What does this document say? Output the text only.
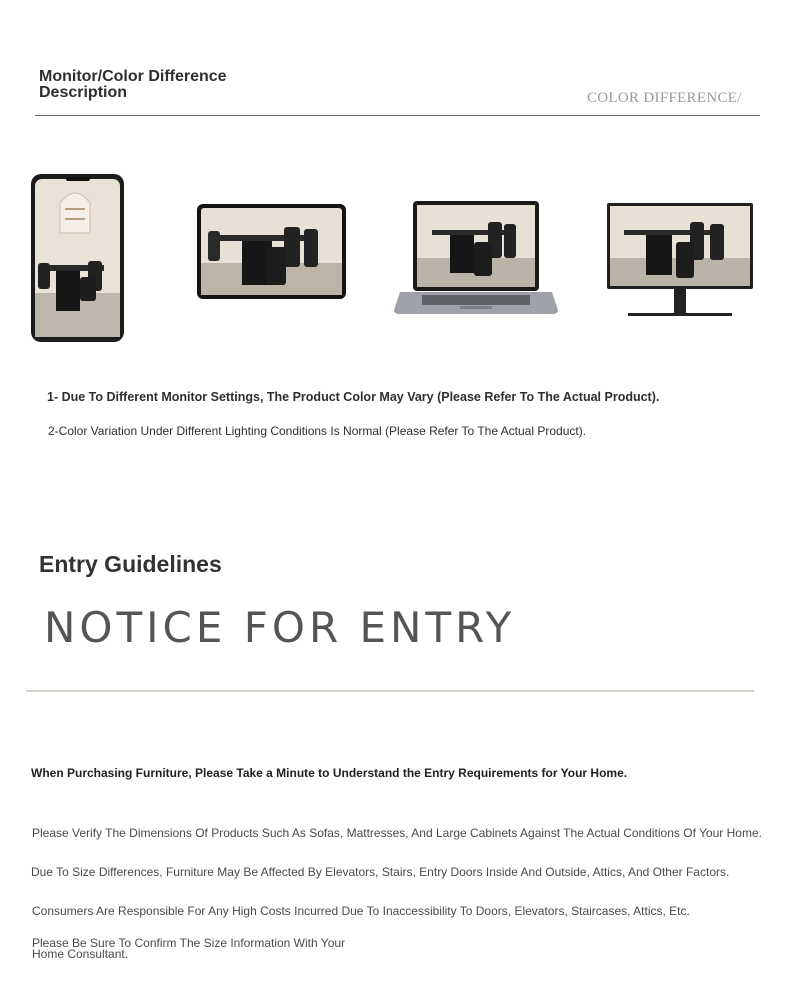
Monitor/Color Difference Description	COLOR DIFFERENCE/
1- Due To Different Monitor Settings, The Product Color May Vary (Please Refer To The Actual Product).
2-Color Variation Under Different Lighting Conditions Is Normal (Please Refer To The Actual Product).
Entry Guidelines
NOTICE FOR ENTRY
When Purchasing Furniture, Please Take a Minute to Understand the Entry Requirements for Your Home.
Please Verify The Dimensions Of Products Such As Sofas, Mattresses, And Large Cabinets Against The Actual Conditions Of Your Home.
Due To Size Differences, Furniture May Be Affected By Elevators, Stairs, Entry Doors Inside And Outside, Attics, And Other Factors.
Consumers Are Responsible For Any High Costs Incurred Due To Inaccessibility To Doors, Elevators, Staircases, Attics, Etc.
Please Be Sure To Confirm The Size Information With Your Home Consultant.
